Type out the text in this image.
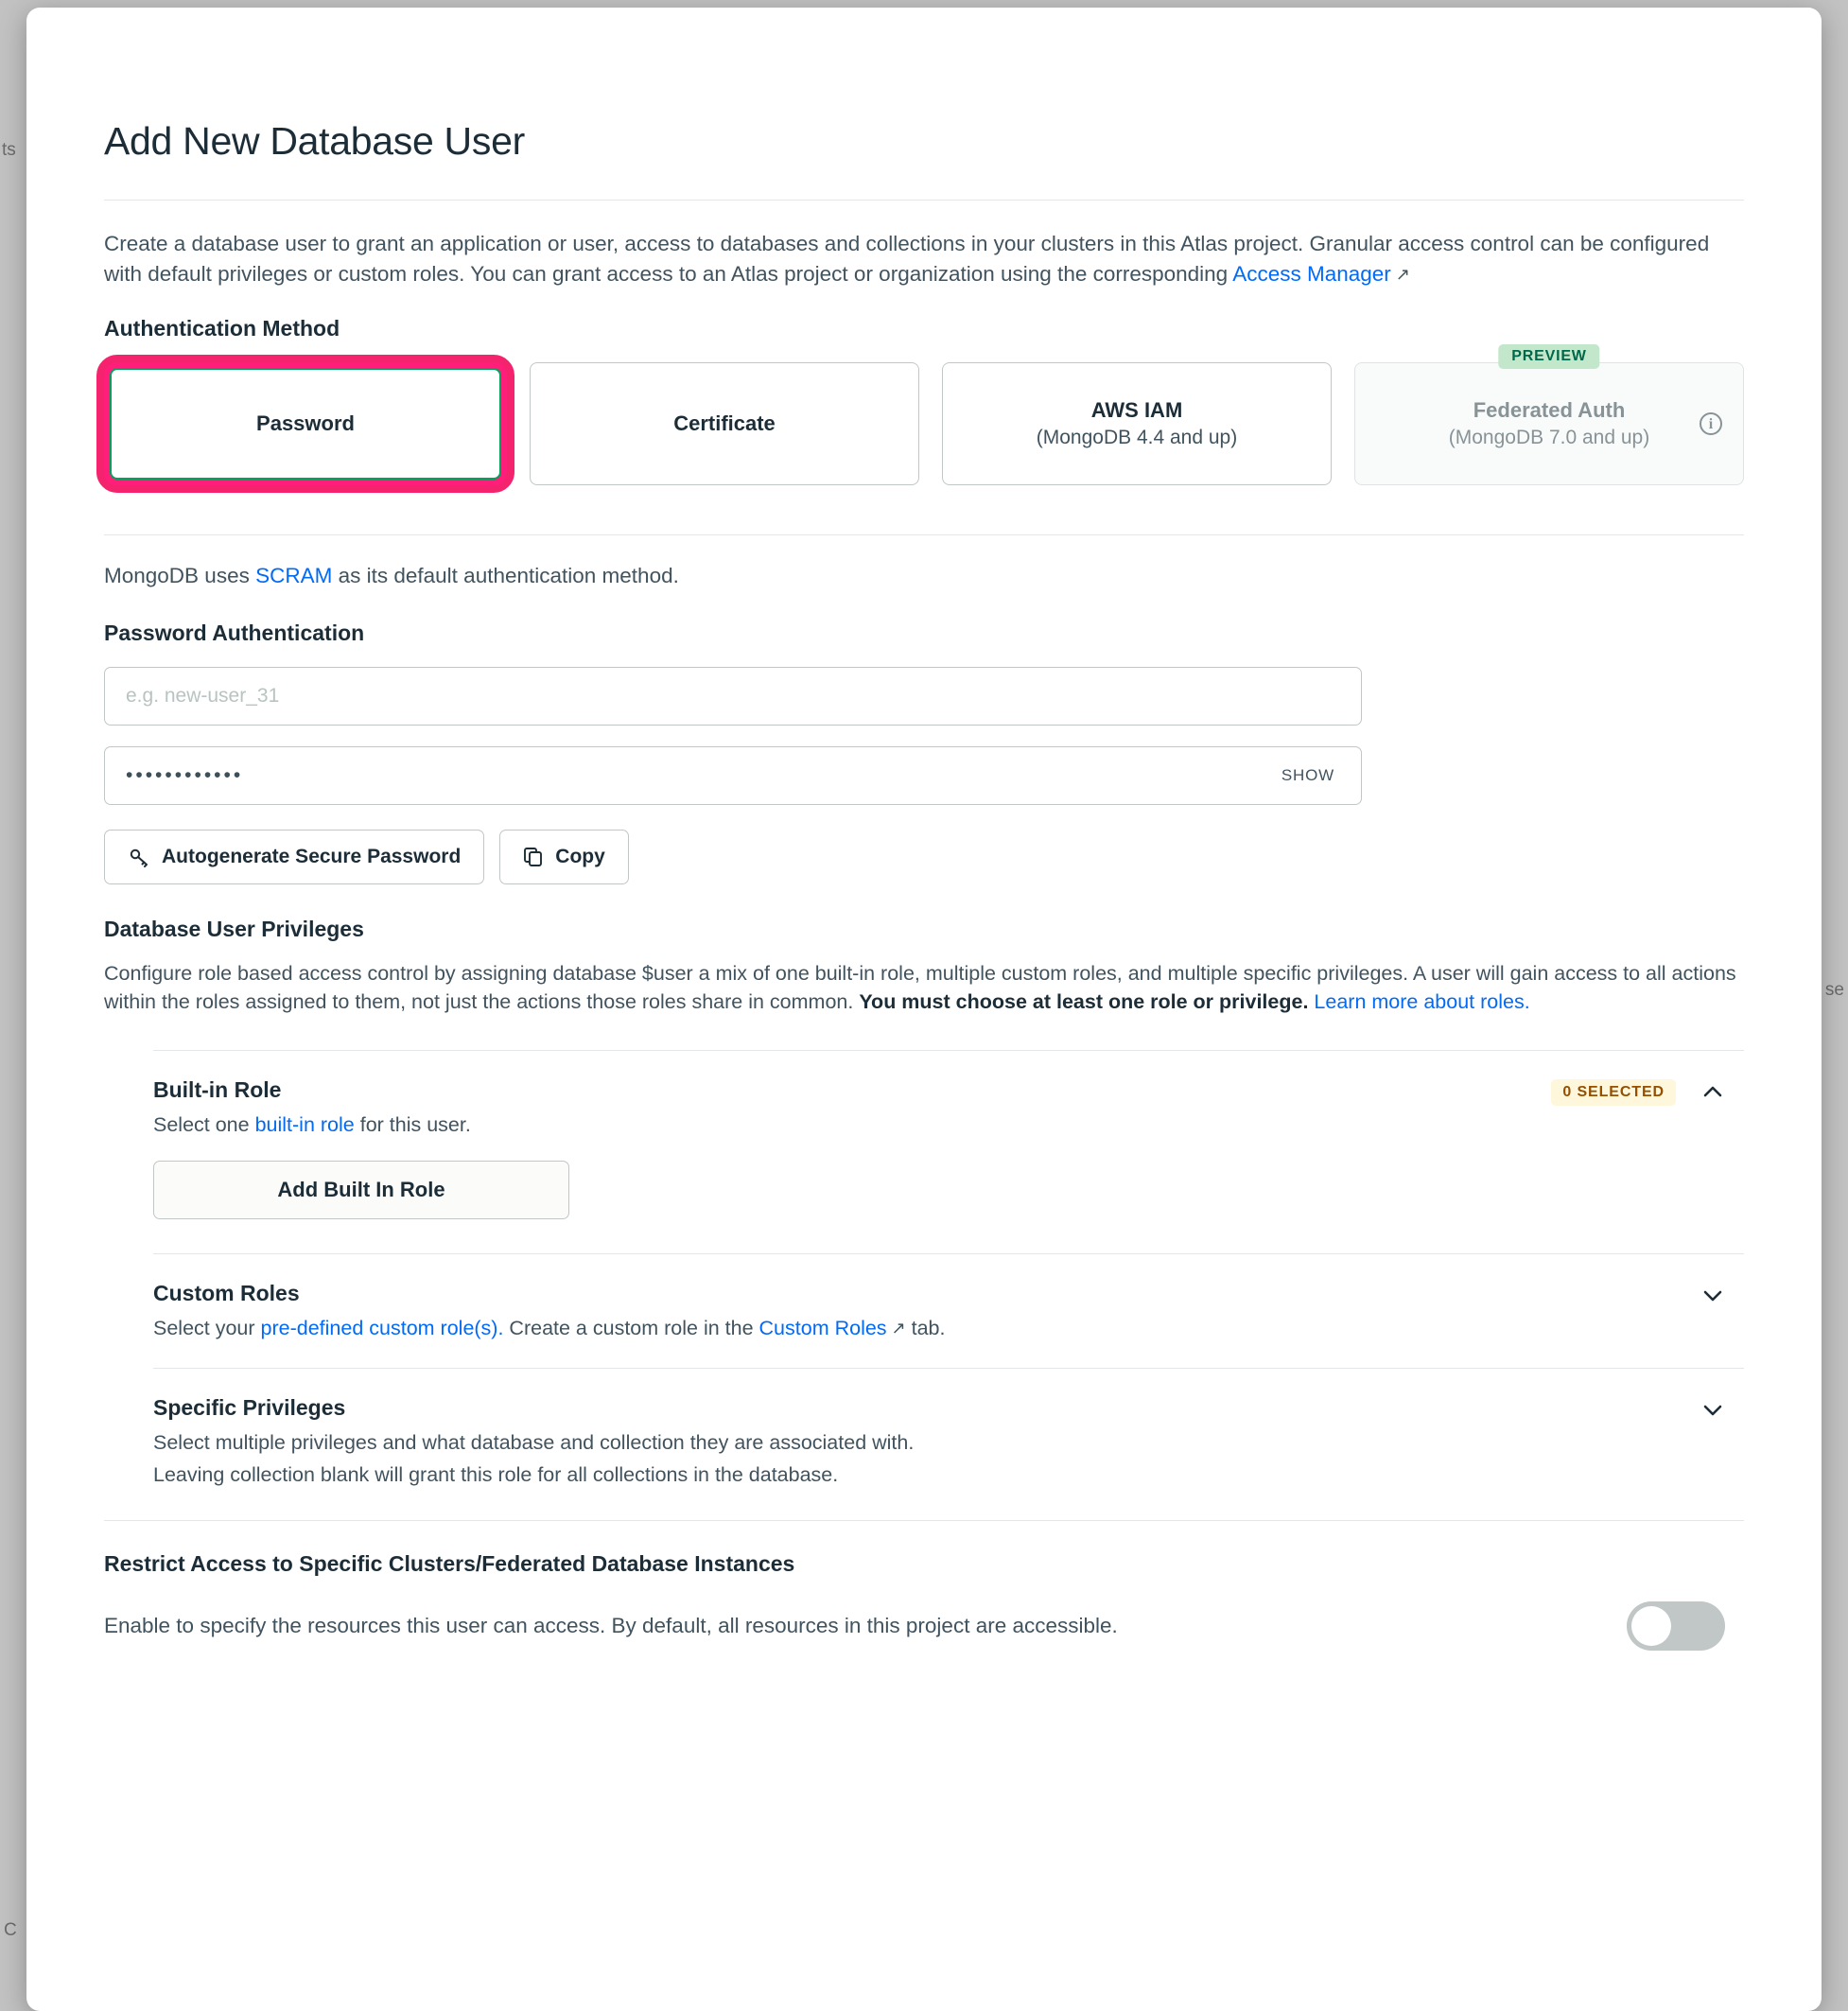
ts
se
C
Add New Database User

Create a database user to grant an application or user, access to databases and collections in your clusters in this Atlas project. Granular access control can be configured with default privileges or custom roles. You can grant access to an Atlas project or organization using the corresponding Access Manager ↗

Authentication Method
Password	Certificate
AWS IAM
(MongoDB 4.4 and up)
PREVIEW
Federated Auth
(MongoDB 7.0 and up)
i

MongoDB uses SCRAM as its default authentication method.

Password Authentication
e.g. new-user_31
••••••••••••	SHOW
Autogenerate Secure Password	Copy
Database User Privileges

Configure role based access control by assigning database $user a mix of one built-in role, multiple custom roles, and multiple specific privileges. A user will gain access to all actions within the roles assigned to them, not just the actions those roles share in common. You must choose at least one role or privilege. Learn more about roles.

Built-in Role
Select one built-in role for this user.
0 SELECTED
Add Built In Role
Custom Roles
Select your pre-defined custom role(s). Create a custom role in the Custom Roles ↗ tab.
Specific Privileges
Select multiple privileges and what database and collection they are associated with.
Leaving collection blank will grant this role for all collections in the database.
Restrict Access to Specific Clusters/Federated Database Instances

Enable to specify the resources this user can access. By default, all resources in this project are accessible.
